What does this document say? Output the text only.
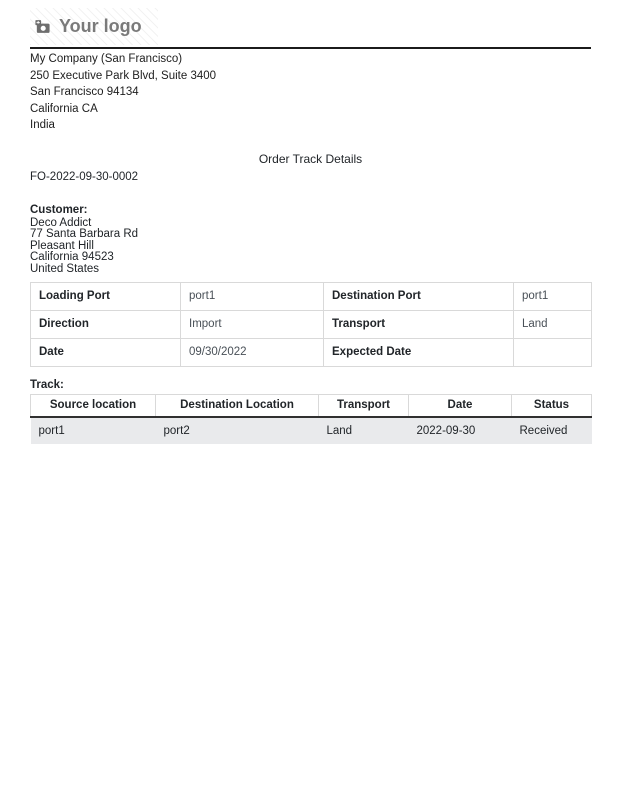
Your logo
My Company (San Francisco)
250 Executive Park Blvd, Suite 3400
San Francisco 94134
California CA
India
Order Track Details
FO-2022-09-30-0002
Customer:
Deco Addict
77 Santa Barbara Rd
Pleasant Hill
California 94523
United States
Loading Port	port1	Destination Port	port1
Direction	Import	Transport	Land
Date	09/30/2022	Expected Date	
Track:
Source location	Destination Location	Transport	Date	Status
port1	port2	Land	2022-09-30	Received
